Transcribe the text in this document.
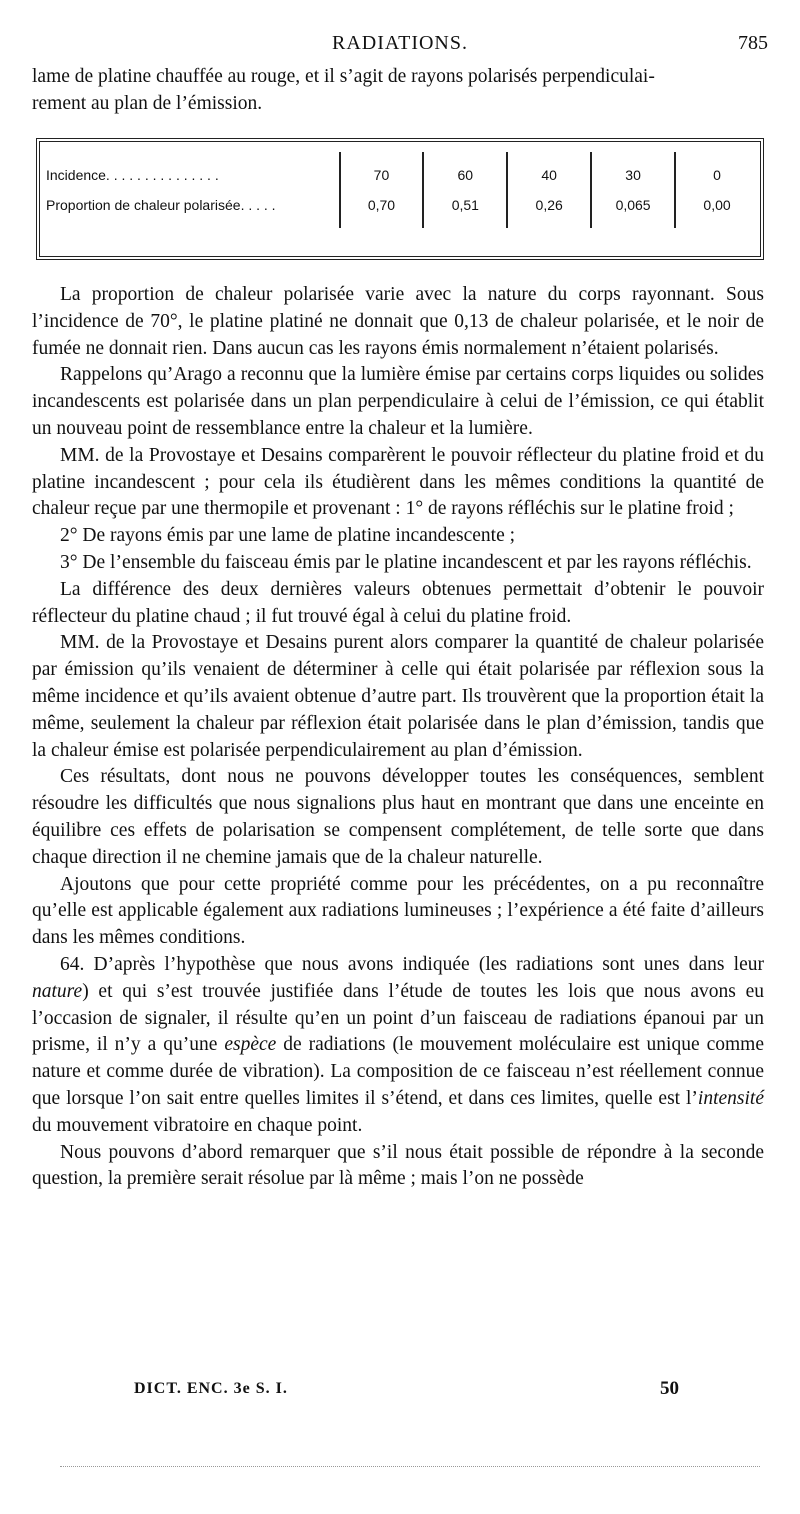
RADIATIONS.	785

lame de platine chauffée au rouge, et il s’agit de rayons polarisés perpendiculai-

rement au plan de l’émission.

Incidence. . . . . . . . . . . . . . .	70	60	40	30	0
Proportion de chaleur polarisée. . . . .	0,70	0,51	0,26	0,065	0,00

La proportion de chaleur polarisée varie avec la nature du corps rayonnant. Sous l’incidence de 70°, le platine platiné ne donnait que 0,13 de chaleur polarisée, et le noir de fumée ne donnait rien. Dans aucun cas les rayons émis normalement n’étaient polarisés.

Rappelons qu’Arago a reconnu que la lumière émise par certains corps liquides ou solides incandescents est polarisée dans un plan perpendiculaire à celui de l’émission, ce qui établit un nouveau point de ressemblance entre la chaleur et la lumière.

MM. de la Provostaye et Desains comparèrent le pouvoir réflecteur du platine froid et du platine incandescent ; pour cela ils étudièrent dans les mêmes conditions la quantité de chaleur reçue par une thermopile et provenant : 1° de rayons réfléchis sur le platine froid ;

2° De rayons émis par une lame de platine incandescente ;

3° De l’ensemble du faisceau émis par le platine incandescent et par les rayons réfléchis.

La différence des deux dernières valeurs obtenues permettait d’obtenir le pouvoir réflecteur du platine chaud ; il fut trouvé égal à celui du platine froid.

MM. de la Provostaye et Desains purent alors comparer la quantité de chaleur polarisée par émission qu’ils venaient de déterminer à celle qui était polarisée par réflexion sous la même incidence et qu’ils avaient obtenue d’autre part. Ils trouvèrent que la proportion était la même, seulement la chaleur par réflexion était polarisée dans le plan d’émission, tandis que la chaleur émise est polarisée perpendiculairement au plan d’émission.

Ces résultats, dont nous ne pouvons développer toutes les conséquences, semblent résoudre les difficultés que nous signalions plus haut en montrant que dans une enceinte en équilibre ces effets de polarisation se compensent complétement, de telle sorte que dans chaque direction il ne chemine jamais que de la chaleur naturelle.

Ajoutons que pour cette propriété comme pour les précédentes, on a pu reconnaître qu’elle est applicable également aux radiations lumineuses ; l’expérience a été faite d’ailleurs dans les mêmes conditions.

64. D’après l’hypothèse que nous avons indiquée (les radiations sont unes dans leur nature) et qui s’est trouvée justifiée dans l’étude de toutes les lois que nous avons eu l’occasion de signaler, il résulte qu’en un point d’un faisceau de radiations épanoui par un prisme, il n’y a qu’une espèce de radiations (le mouvement moléculaire est unique comme nature et comme durée de vibration). La composition de ce faisceau n’est réellement connue que lorsque l’on sait entre quelles limites il s’étend, et dans ces limites, quelle est l’intensité du mouvement vibratoire en chaque point.

Nous pouvons d’abord remarquer que s’il nous était possible de répondre à la seconde question, la première serait résolue par là même ; mais l’on ne possède

DICT. ENC. 3e S. I.	50
